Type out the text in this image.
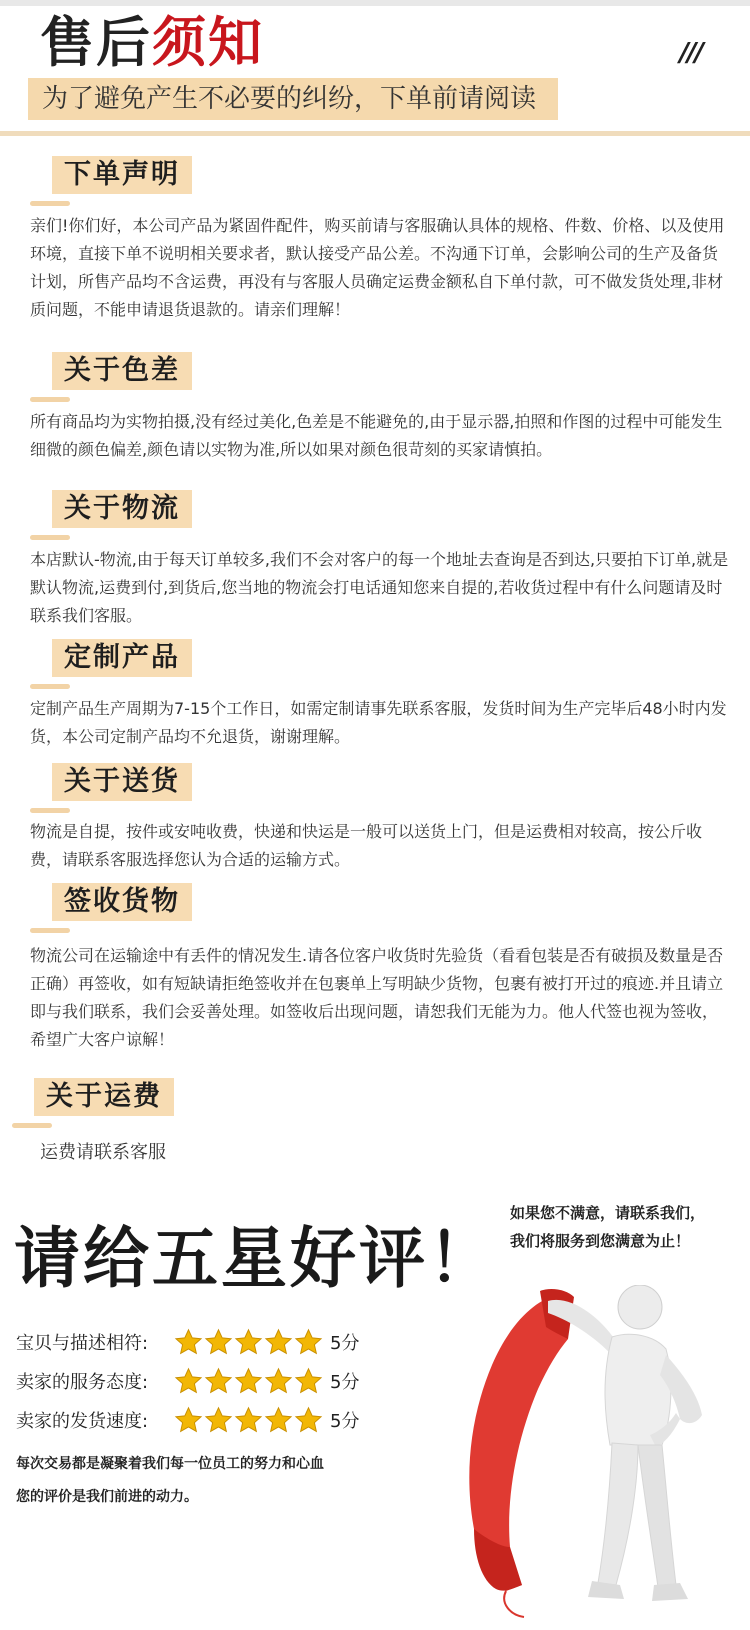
售后须知	///
为了避免产生不必要的纠纷，下单前请阅读
下单声明
亲们!你们好，本公司产品为紧固件配件，购买前请与客服确认具体的规格、件数、价格、以及使用环境，直接下单不说明相关要求者，默认接受产品公差。不沟通下订单，会影响公司的生产及备货计划，所售产品均不含运费，再没有与客服人员确定运费金额私自下单付款，可不做发货处理,非材质问题，不能申请退货退款的。请亲们理解！
关于色差
所有商品均为实物拍摄,没有经过美化,色差是不能避免的,由于显示器,拍照和作图的过程中可能发生细微的颜色偏差,颜色请以实物为准,所以如果对颜色很苛刻的买家请慎拍。
关于物流
本店默认-物流,由于每天订单较多,我们不会对客户的每一个地址去查询是否到达,只要拍下订单,就是默认物流,运费到付,到货后,您当地的物流会打电话通知您来自提的,若收货过程中有什么问题请及时联系我们客服。
定制产品
定制产品生产周期为7-15个工作日，如需定制请事先联系客服，发货时间为生产完毕后48小时内发货，本公司定制产品均不允退货，谢谢理解。
关于送货
物流是自提，按件或安吨收费，快递和快运是一般可以送货上门，但是运费相对较高，按公斤收费，请联系客服选择您认为合适的运输方式。
签收货物
物流公司在运输途中有丢件的情况发生.请各位客户收货时先验货（看看包装是否有破损及数量是否正确）再签收，如有短缺请拒绝签收并在包裹单上写明缺少货物，包裹有被打开过的痕迹.并且请立即与我们联系，我们会妥善处理。如签收后出现问题，请恕我们无能为力。他人代签也视为签收，希望广大客户谅解！
关于运费
运费请联系客服
请给五星好评！
如果您不满意，请联系我们，
我们将服务到您满意为止！
宝贝与描述相符:	5分
卖家的服务态度:	5分
卖家的发货速度:	5分
每次交易都是凝聚着我们每一位员工的努力和心血
您的评价是我们前进的动力。
